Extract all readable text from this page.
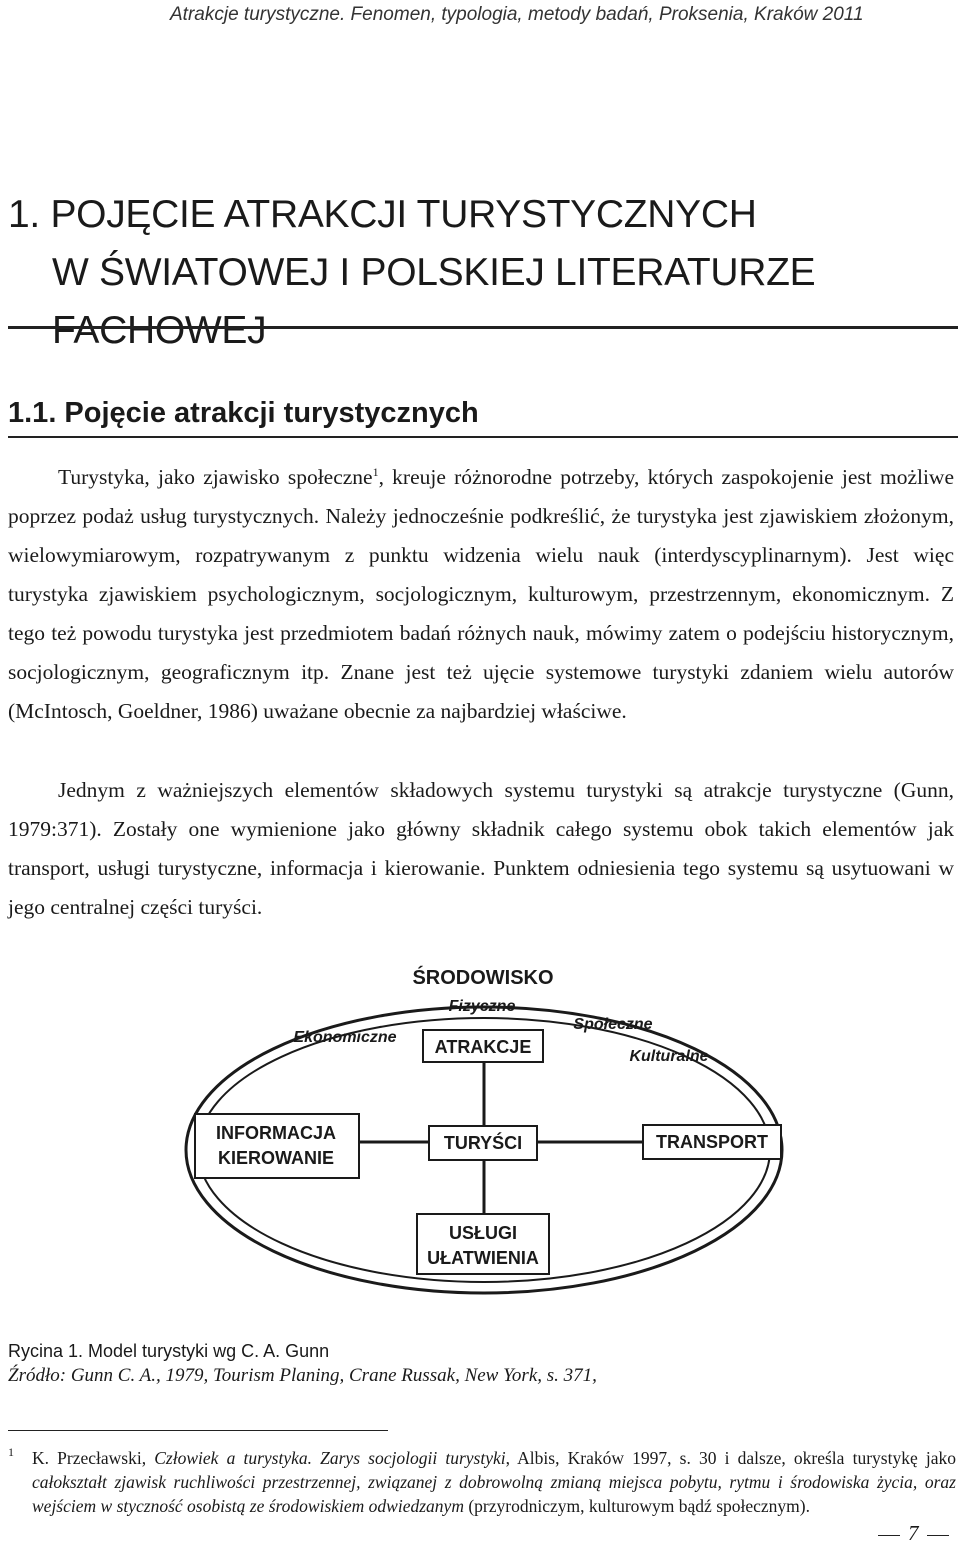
Atrakcje turystyczne. Fenomen, typologia, metody badań, Proksenia, Kraków 2011
1. POJĘCIE ATRAKCJI TURYSTYCZNYCH
W ŚWIATOWEJ I POLSKIEJ LITERATURZE
FACHOWEJ
1.1. Pojęcie atrakcji turystycznych
Turystyka, jako zjawisko społeczne$^1$, kreuje różnorodne potrzeby, których zaspokojenie jest możliwe poprzez podaż usług turystycznych. Należy jednocześnie podkreślić, że turystyka jest zjawiskiem złożonym, wielowymiarowym, rozpatrywanym z punktu widzenia wielu nauk (interdyscyplinarnym). Jest więc turystyka zjawiskiem psychologicznym, socjologicznym, kulturowym, przestrzennym, ekonomicznym. Z tego też powodu turystyka jest przedmiotem badań różnych nauk, mówimy zatem o podejściu historycznym, socjologicznym, geograficznym itp. Znane jest też ujęcie systemowe turystyki zdaniem wielu autorów (McIntosch, Goeldner, 1986) uważane obecnie za najbardziej właściwe.
Jednym z ważniejszych elementów składowych systemu turystyki są atrakcje turystyczne (Gunn, 1979:371). Zostały one wymienione jako główny składnik całego systemu obok takich elementów jak transport, usługi turystyczne, informacja i kierowanie. Punktem odniesienia tego systemu są usytuowani w jego centralnej części turyści.
ŚRODOWISKO
Fizyczne
Ekonomiczne
Społeczne
Kulturalne
ATRAKCJE
INFORMACJA
KIEROWANIE
TURYŚCI	TRANSPORT
USŁUGI
UŁATWIENIA
Rycina 1. Model turystyki wg C. A. Gunn
Źródło: Gunn C. A., 1979, Tourism Planing, Crane Russak, New York, s. 371,
1	K. Przecławski, Człowiek a turystyka. Zarys socjologii turystyki, Albis, Kraków 1997, s. 30 i dalsze, określa turystykę jako całokształt zjawisk ruchliwości przestrzennej, związanej z dobrowolną zmianą miejsca pobytu, rytmu i środowiska życia, oraz wejściem w styczność osobistą ze środowiskiem odwiedzanym (przyrodniczym, kulturowym bądź społecznym).
7
